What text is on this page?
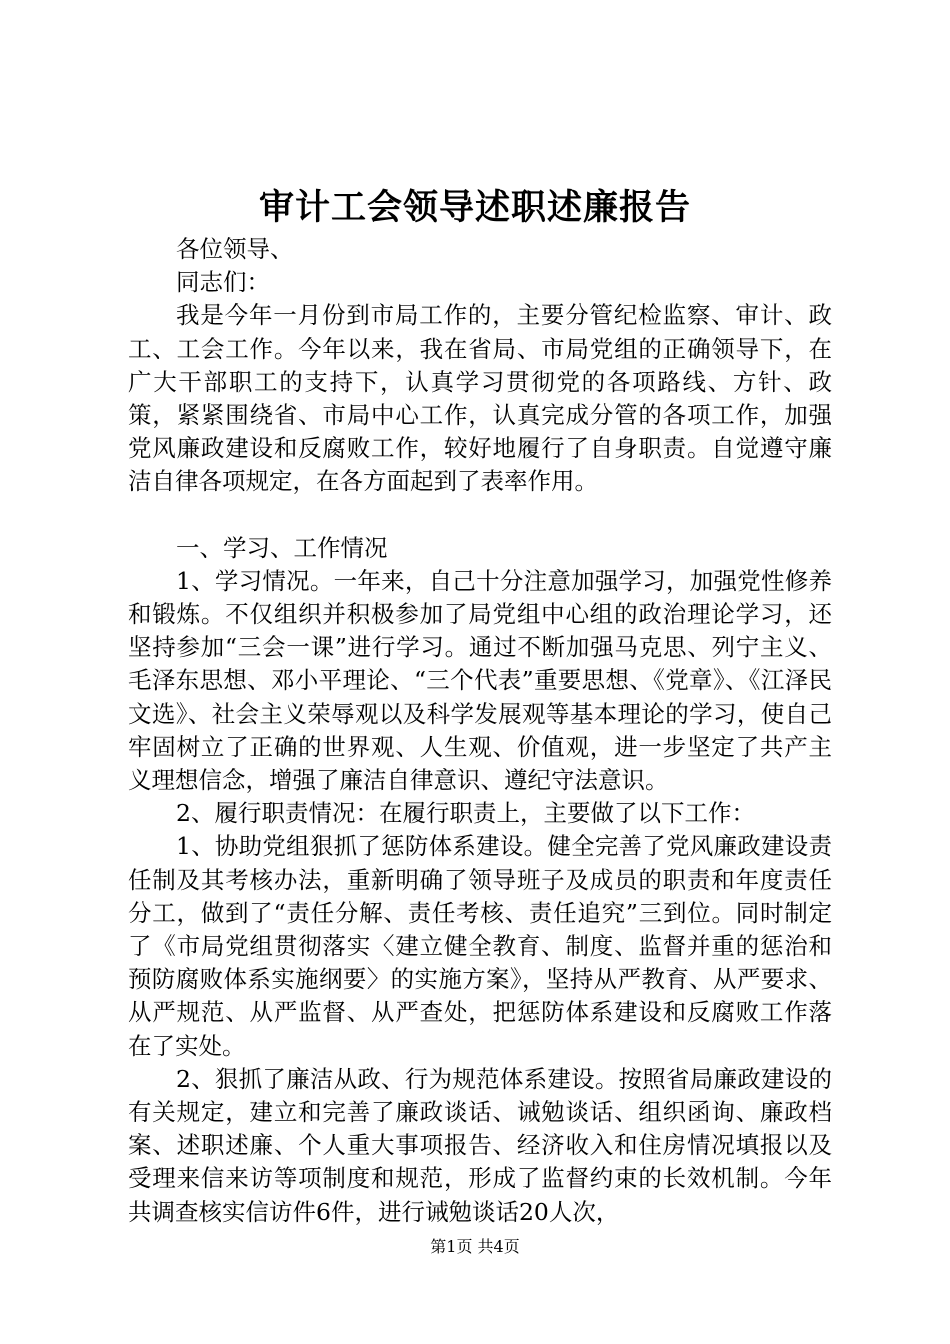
审计工会领导述职述廉报告

各位领导、

同志们：

我是今年一月份到市局工作的，主要分管纪检监察、审计、政工、工会工作。今年以来，我在省局、市局党组的正确领导下，在广大干部职工的支持下，认真学习贯彻党的各项路线、方针、政策，紧紧围绕省、市局中心工作，认真完成分管的各项工作，加强党风廉政建设和反腐败工作，较好地履行了自身职责。自觉遵守廉洁自律各项规定，在各方面起到了表率作用。

一、学习、工作情况

1、学习情况。一年来，自己十分注意加强学习，加强党性修养和锻炼。不仅组织并积极参加了局党组中心组的政治理论学习，还坚持参加“三会一课”进行学习。通过不断加强马克思、列宁主义、毛泽东思想、邓小平理论、“三个代表”重要思想、《党章》、《江泽民文选》、社会主义荣辱观以及科学发展观等基本理论的学习，使自己牢固树立了正确的世界观、人生观、价值观，进一步坚定了共产主义理想信念，增强了廉洁自律意识、遵纪守法意识。

2、履行职责情况：在履行职责上，主要做了以下工作：

1、协助党组狠抓了惩防体系建设。健全完善了党风廉政建设责任制及其考核办法，重新明确了领导班子及成员的职责和年度责任分工，做到了“责任分解、责任考核、责任追究”三到位。同时制定了《市局党组贯彻落实〈建立健全教育、制度、监督并重的惩治和预防腐败体系实施纲要〉的实施方案》，坚持从严教育、从严要求、从严规范、从严监督、从严查处，把惩防体系建设和反腐败工作落在了实处。

2、狠抓了廉洁从政、行为规范体系建设。按照省局廉政建设的有关规定，建立和完善了廉政谈话、诫勉谈话、组织函询、廉政档案、述职述廉、个人重大事项报告、经济收入和住房情况填报以及受理来信来访等项制度和规范，形成了监督约束的长效机制。今年共调查核实信访件6件，进行诫勉谈话20人次，

第1页 共4页
